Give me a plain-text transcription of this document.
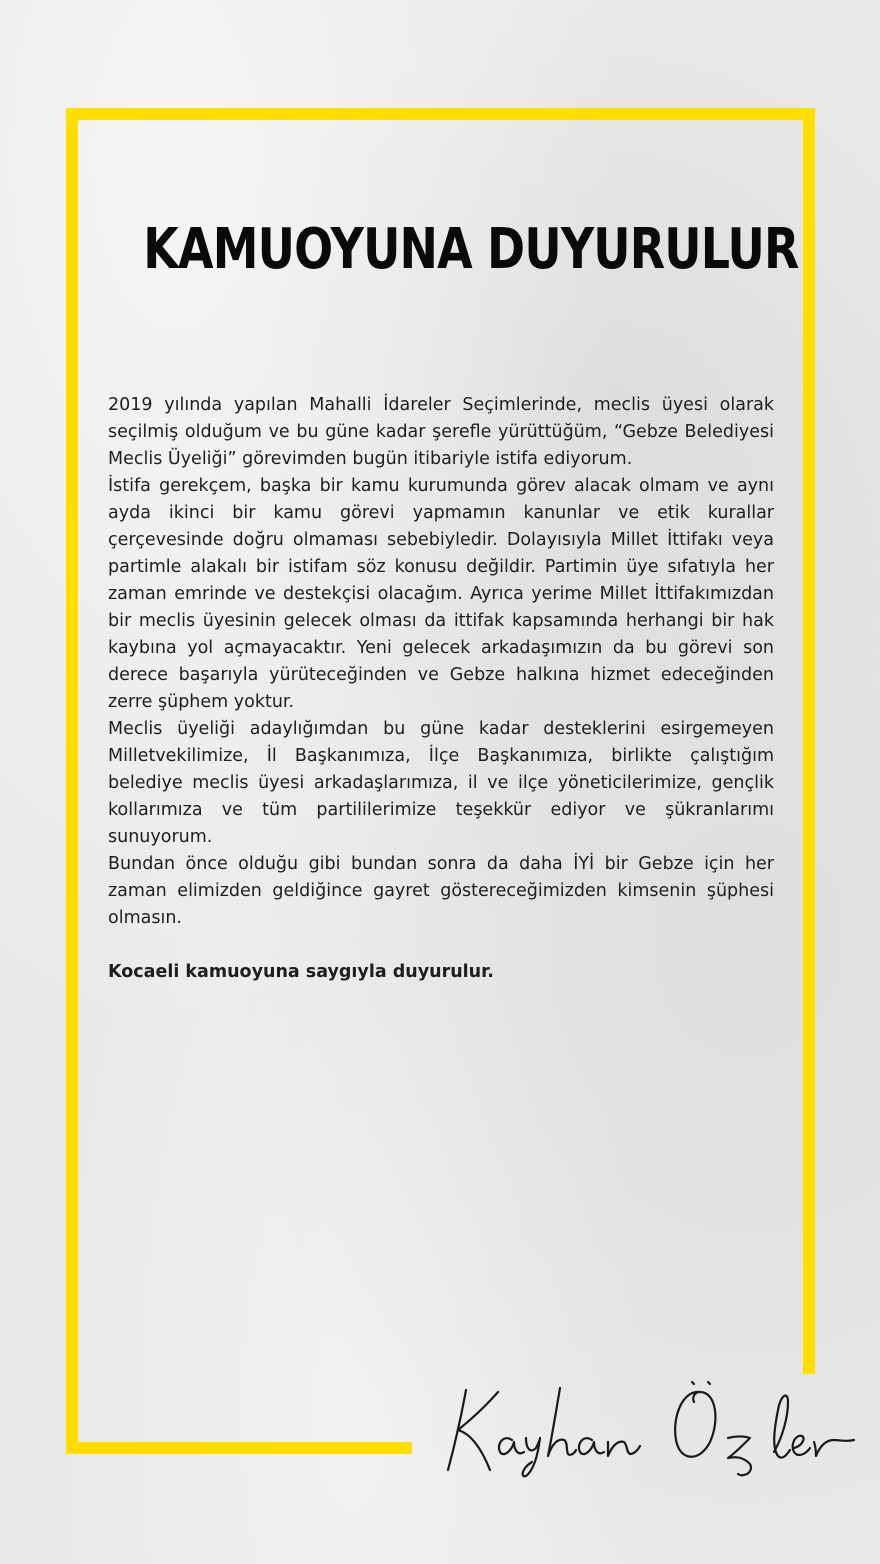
KAMUOYUNA DUYURULUR

2019 yılında yapılan Mahalli İdareler Seçimlerinde, meclis üyesi olarak seçilmiş olduğum ve bu güne kadar şerefle yürüttüğüm, “Gebze Belediyesi Meclis Üyeliği” görevimden bugün itibariyle istifa ediyorum.

İstifa gerekçem, başka bir kamu kurumunda görev alacak olmam ve aynı ayda ikinci bir kamu görevi yapmamın kanunlar ve etik kurallar çerçevesinde doğru olmaması sebebiyledir. Dolayısıyla Millet İttifakı veya partimle alakalı bir istifam söz konusu değildir. Partimin üye sıfatıyla her zaman emrinde ve destekçisi olacağım. Ayrıca yerime Millet İttifakımızdan bir meclis üyesinin gelecek olması da ittifak kapsamında herhangi bir hak kaybına yol açmayacaktır. Yeni gelecek arkadaşımızın da bu görevi son derece başarıyla yürüteceğinden ve Gebze halkına hizmet edeceğinden zerre şüphem yoktur.

Meclis üyeliği adaylığımdan bu güne kadar desteklerini esirgemeyen Milletvekilimize, İl Başkanımıza, İlçe Başkanımıza, birlikte çalıştığım belediye meclis üyesi arkadaşlarımıza, il ve ilçe yöneticilerimize, gençlik kollarımıza ve tüm partililerimize teşekkür ediyor ve şükranlarımı sunuyorum.

Bundan önce olduğu gibi bundan sonra da daha İYİ bir Gebze için her zaman elimizden geldiğince gayret göstereceğimizden kimsenin şüphesi olmasın.

Kocaeli kamuoyuna saygıyla duyurulur.
